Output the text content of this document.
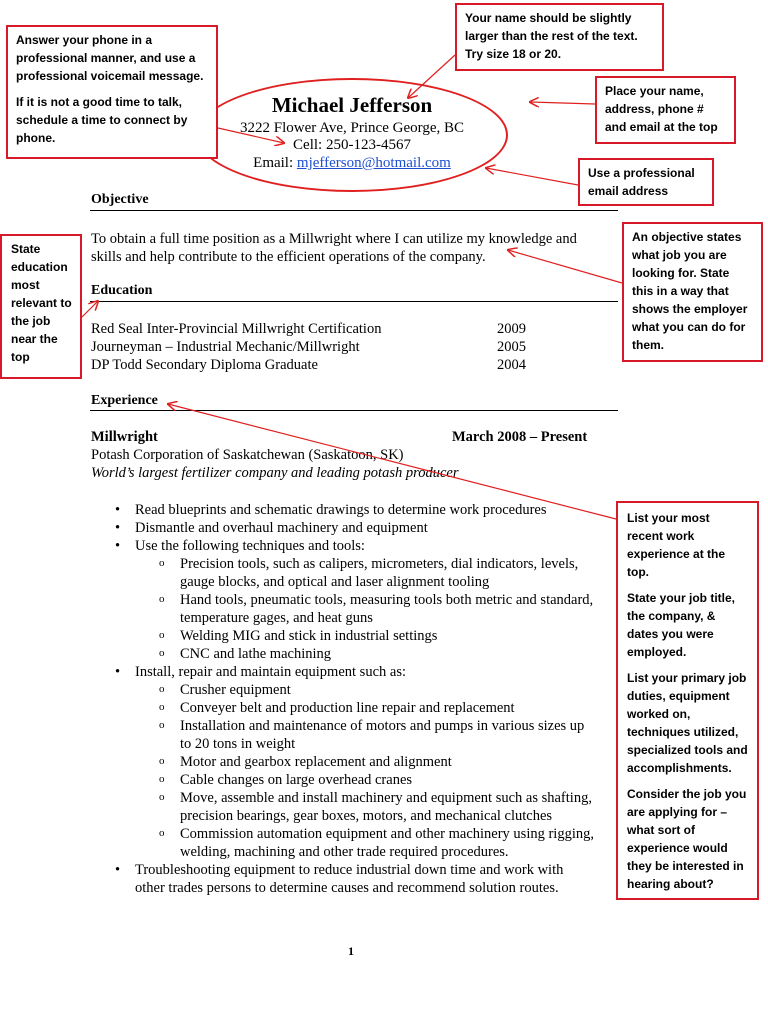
Michael Jefferson
3222 Flower Ave, Prince George, BC
Cell: 250-123-4567
Email: mjefferson@hotmail.com
Objective
To obtain a full time position as a Millwright where I can utilize my knowledge and
skills and help contribute to the efficient operations of the company.
Education
Red Seal Inter-Provincial Millwright Certification	2009
Journeyman – Industrial Mechanic/Millwright	2005
DP Todd Secondary Diploma Graduate	2004
Experience
Millwright	March 2008 – Present
Potash Corporation of Saskatchewan (Saskatoon, SK)
World’s largest fertilizer company and leading potash producer
• Read blueprints and schematic drawings to determine work procedures
• Dismantle and overhaul machinery and equipment
• Use the following techniques and tools:
o Precision tools, such as calipers, micrometers, dial indicators, levels,
gauge blocks, and optical and laser alignment tooling
o Hand tools, pneumatic tools, measuring tools both metric and standard,
temperature gages, and heat guns
o Welding MIG and stick in industrial settings
o CNC and lathe machining
• Install, repair and maintain equipment such as:
o Crusher equipment
o Conveyer belt and production line repair and replacement
o Installation and maintenance of motors and pumps in various sizes up
to 20 tons in weight
o Motor and gearbox replacement and alignment
o Cable changes on large overhead cranes
o Move, assemble and install machinery and equipment such as shafting,
precision bearings, gear boxes, motors, and mechanical clutches
o Commission automation equipment and other machinery using rigging,
welding, machining and other trade required procedures.
• Troubleshooting equipment to reduce industrial down time and work with
other trades persons to determine causes and recommend solution routes.
1

Answer your phone in a professional manner, and use a professional voicemail message.

If it is not a good time to talk, schedule a time to connect by phone.

Your name should be slightly larger than the rest of the text. Try size 18 or 20.

Place your name, address, phone # and email at the top

Use a professional email address

State education most relevant to the job near the top

An objective states what job you are looking for. State this in a way that shows the employer what you can do for them.

List your most recent work experience at the top.

State your job title, the company, & dates you were employed.

List your primary job duties, equipment worked on, techniques utilized, specialized tools and accomplishments.

Consider the job you are applying for – what sort of experience would they be interested in hearing about?
